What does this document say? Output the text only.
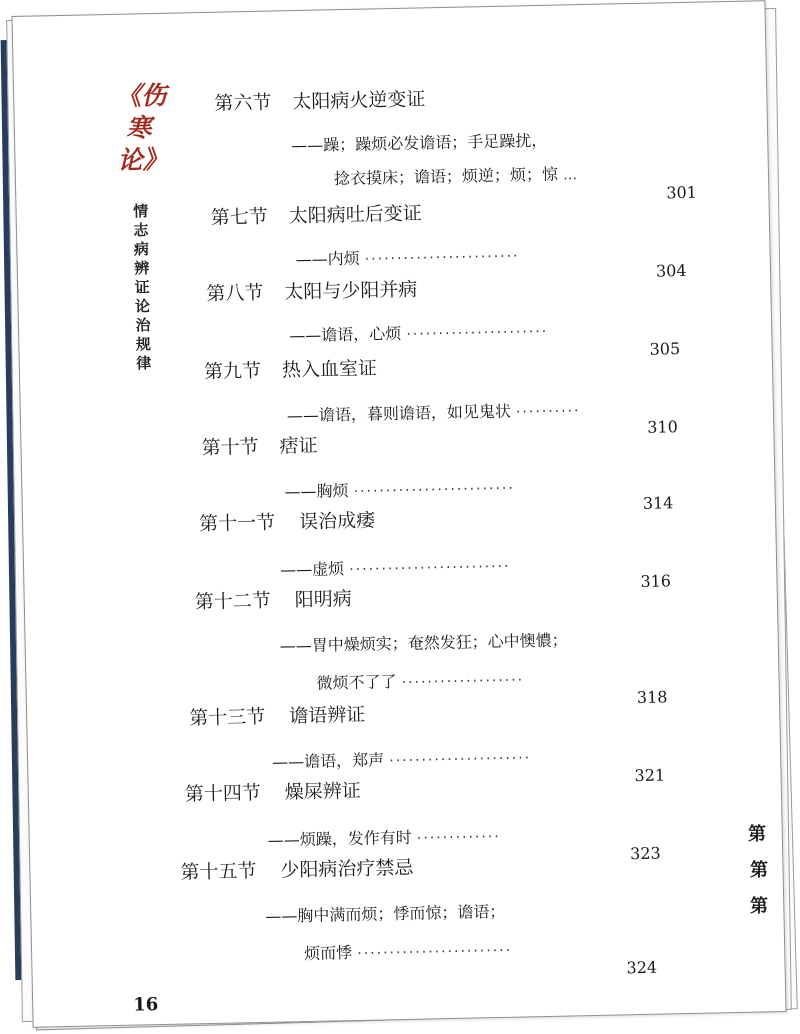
《伤
寒
论》
情
志
病
辨
证
论
治
规
律
第六节 太阳病火逆变证
——躁；躁烦必发谵语；手足躁扰，
捻衣摸床；谵语；烦逆；烦；惊 …
301
第七节 太阳病吐后变证
——内烦 ························
304
第八节 太阳与少阳并病
——谵语，心烦 ······················
305
第九节 热入血室证
——谵语，暮则谵语，如见鬼状 ··········
310
第十节 痞证
——胸烦 ·························
314
第十一节 误治成痿
——虚烦 ·························
316
第十二节 阳明病
——胃中燥烦实；奄然发狂；心中懊憹；
微烦不了了 ···················
318
第十三节 谵语辨证
——谵语，郑声 ······················
321
第十四节 燥屎辨证
——烦躁，发作有时 ·············
323
第十五节 少阳病治疗禁忌
——胸中满而烦；悸而惊；谵语；
烦而悸 ························
324
16
第
第
第
